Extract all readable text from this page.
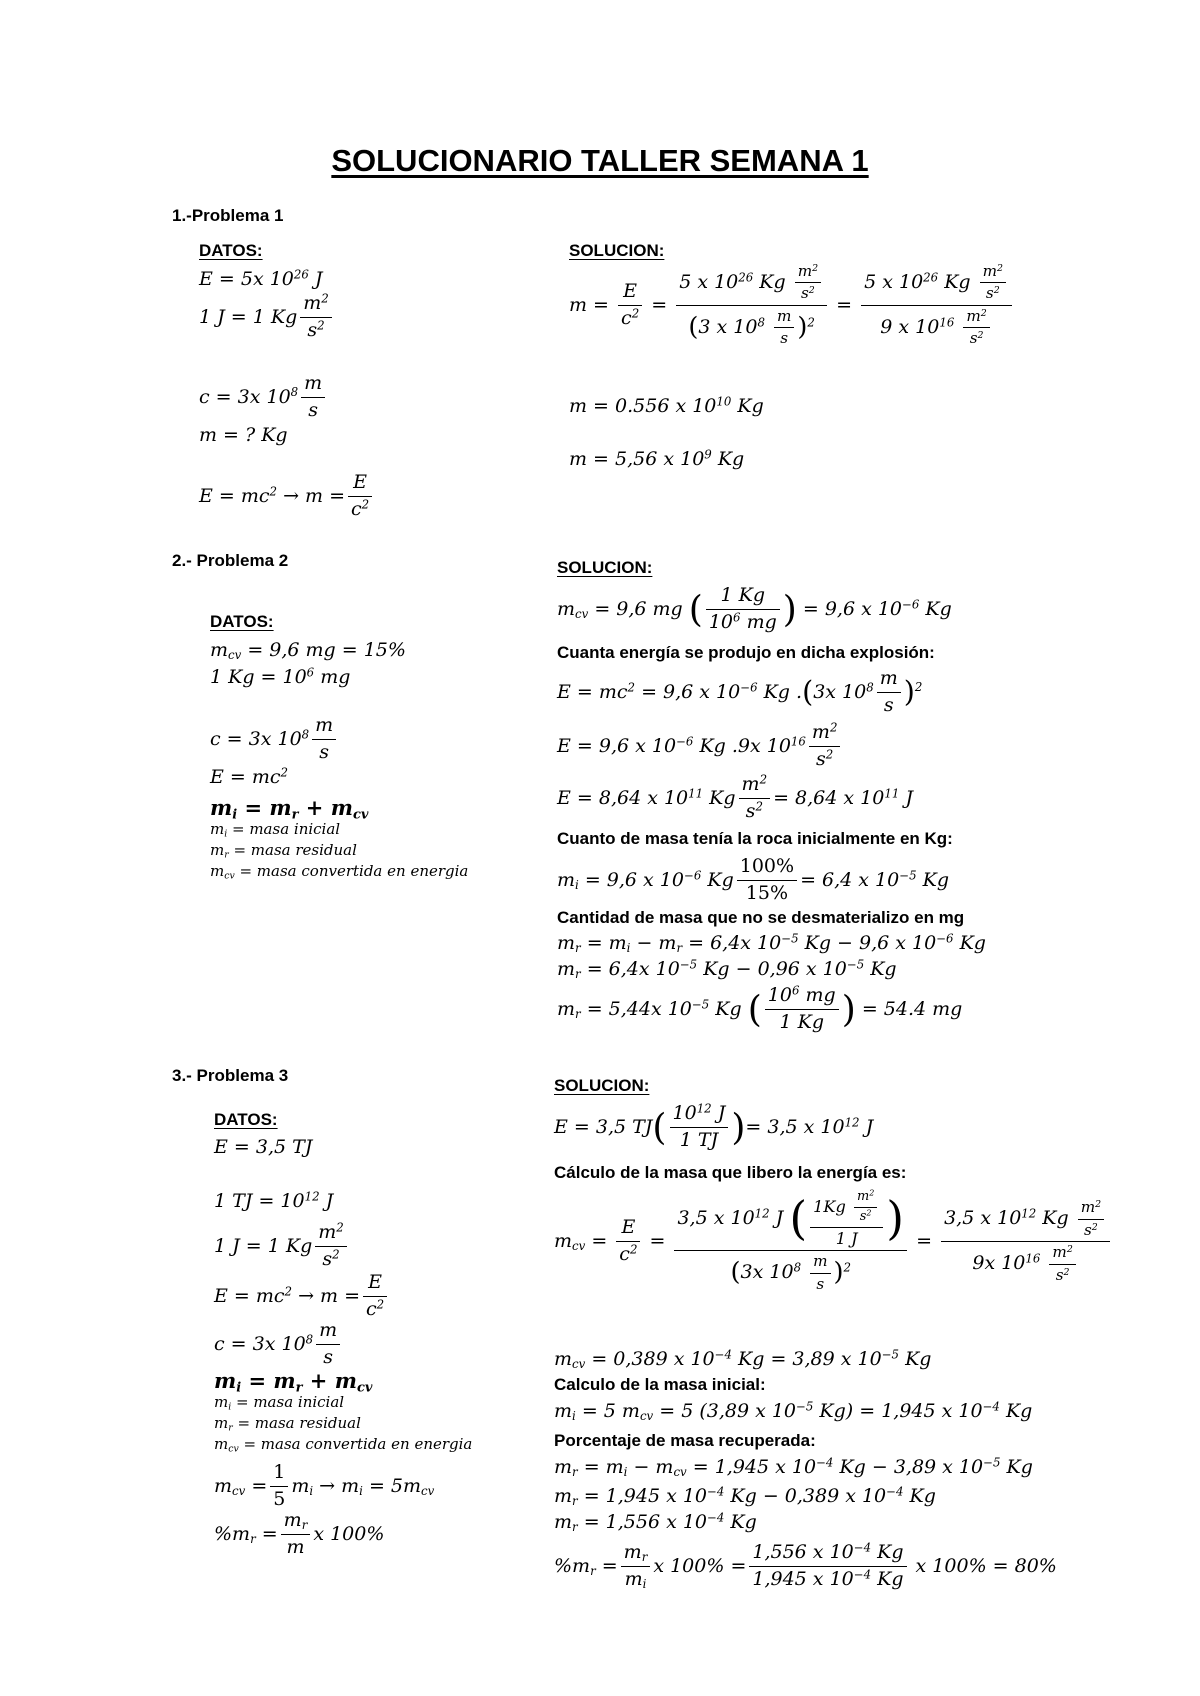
SOLUCIONARIO TALLER SEMANA 1
1.-Problema 1
DATOS:	SOLUCION:
E = 5x $10^{26}$ J
1 J = 1 Kg $\frac{m^2}{s^2}$
c = 3x $10^8 \frac{m}{s}$
m = ? Kg
$E = mc^2 \to m = \frac{E}{c^2}$
$m = \frac{E}{c^2} = \frac{5 x 10^{26} Kg \frac{m^2}{s^2}}{(3 x 10^8 \frac{m}{s} )^2} = \frac{5 x 10^{26} Kg \frac{m^2}{s^2}}{9 x 10^{16} \frac{m^2}{s^2}}$
m = 0.556 x $10^{10}$ Kg
m = 5,56 x $10^9$ Kg
2.- Problema 2	SOLUCION:
DATOS:
$m_{cv} = 9,6$ mg = 15%
1 $Kg = 10^6$ mg
c = 3x $10^8 \frac{m}{s}$
$E = mc^2$
$m_i = m_r + m_{cv}$
$m_i$ = masa inicial
$m_r$ = masa residual
$m_{cv}$ = masa convertida en energia
$m_{cv} = 9,6$ mg ( $\frac{1 Kg}{10^6 mg}$ ) = 9,6 x $10^{-6}$ Kg
Cuanta energía se produjo en dicha explosión:
$E = mc^2 = 9,6$ x $10^{-6}$ Kg .(3x $10^8 \frac{m}{s} )^2$
E = 9,6 x $10^{-6}$ Kg .9x $10^{16} \frac{m^2}{s^2}$
E = 8,64 x $10^{11}$ Kg $\frac{m^2}{s^2} = 8,64$ x $10^{11}$ J
Cuanto de masa tenía la roca inicialmente en Kg:
$m_i = 9,6$ x $10^{-6}$ Kg $\frac{100\%}{15\%} = 6,4$ x $10^{-5}$ Kg
Cantidad de masa que no se desmaterializo en mg
$m_r = m_i - m_r = 6,4x$ $10^{-5}$ Kg − 9,6 x $10^{-6}$ Kg
$m_r = 6,4x$ $10^{-5}$ Kg − 0,96 x $10^{-5}$ Kg
$m_r = 5,44x$ $10^{-5}$ Kg ( $\frac{10^6 mg}{1 Kg}$ ) = 54.4 mg
3.- Problema 3
SOLUCION:
DATOS:
E = 3,5 TJ
1 TJ = $10^{12}$ J
1 J = 1 Kg $\frac{m^2}{s^2}$
$E = mc^2 \to m = \frac{E}{c^2}$
c = 3x $10^8 \frac{m}{s}$
$m_i = m_r + m_{cv}$
$m_i$ = masa inicial
$m_r$ = masa residual
$m_{cv}$ = masa convertida en energia
$m_{cv} = \frac{1}{5} m_i \to m_i = 5m_{cv}$
$\%m_r = \frac{m_r}{m}$ x 100%
E = 3,5 $TJ( \frac{10^{12} J}{1 TJ}$ )= 3,5 x $10^{12}$ J
Cálculo de la masa que libero la energía es:
$m_{cv} = \frac{E}{c^2} = \frac{3,5 x 10^{12} J ( \frac{1Kg \frac{m^2}{s^2}}{1 J} )}{(3x 10^8 \frac{m}{s} )^2} = \frac{3,5 x 10^{12} Kg \frac{m^2}{s^2}}{9x 10^{16} \frac{m^2}{s^2}}$
$m_{cv} = 0,389$ x $10^{-4}$ Kg = 3,89 x $10^{-5}$ Kg
Calculo de la masa inicial:
$m_i = 5$ $m_{cv} = 5$ (3,89 x $10^{-5}$ Kg) = 1,945 x $10^{-4}$ Kg
Porcentaje de masa recuperada:
$m_r = m_i - m_{cv} = 1,945$ x $10^{-4}$ Kg − 3,89 x $10^{-5}$ Kg
$m_r = 1,945$ x $10^{-4}$ Kg − 0,389 x $10^{-4}$ Kg
$m_r = 1,556$ x $10^{-4}$ Kg
$\%m_r = \frac{m_r}{m_i}$ x $100\% = \frac{1,556 x 10^{-4} Kg}{1,945 x 10^{-4} Kg}$ x 100% = 80%
